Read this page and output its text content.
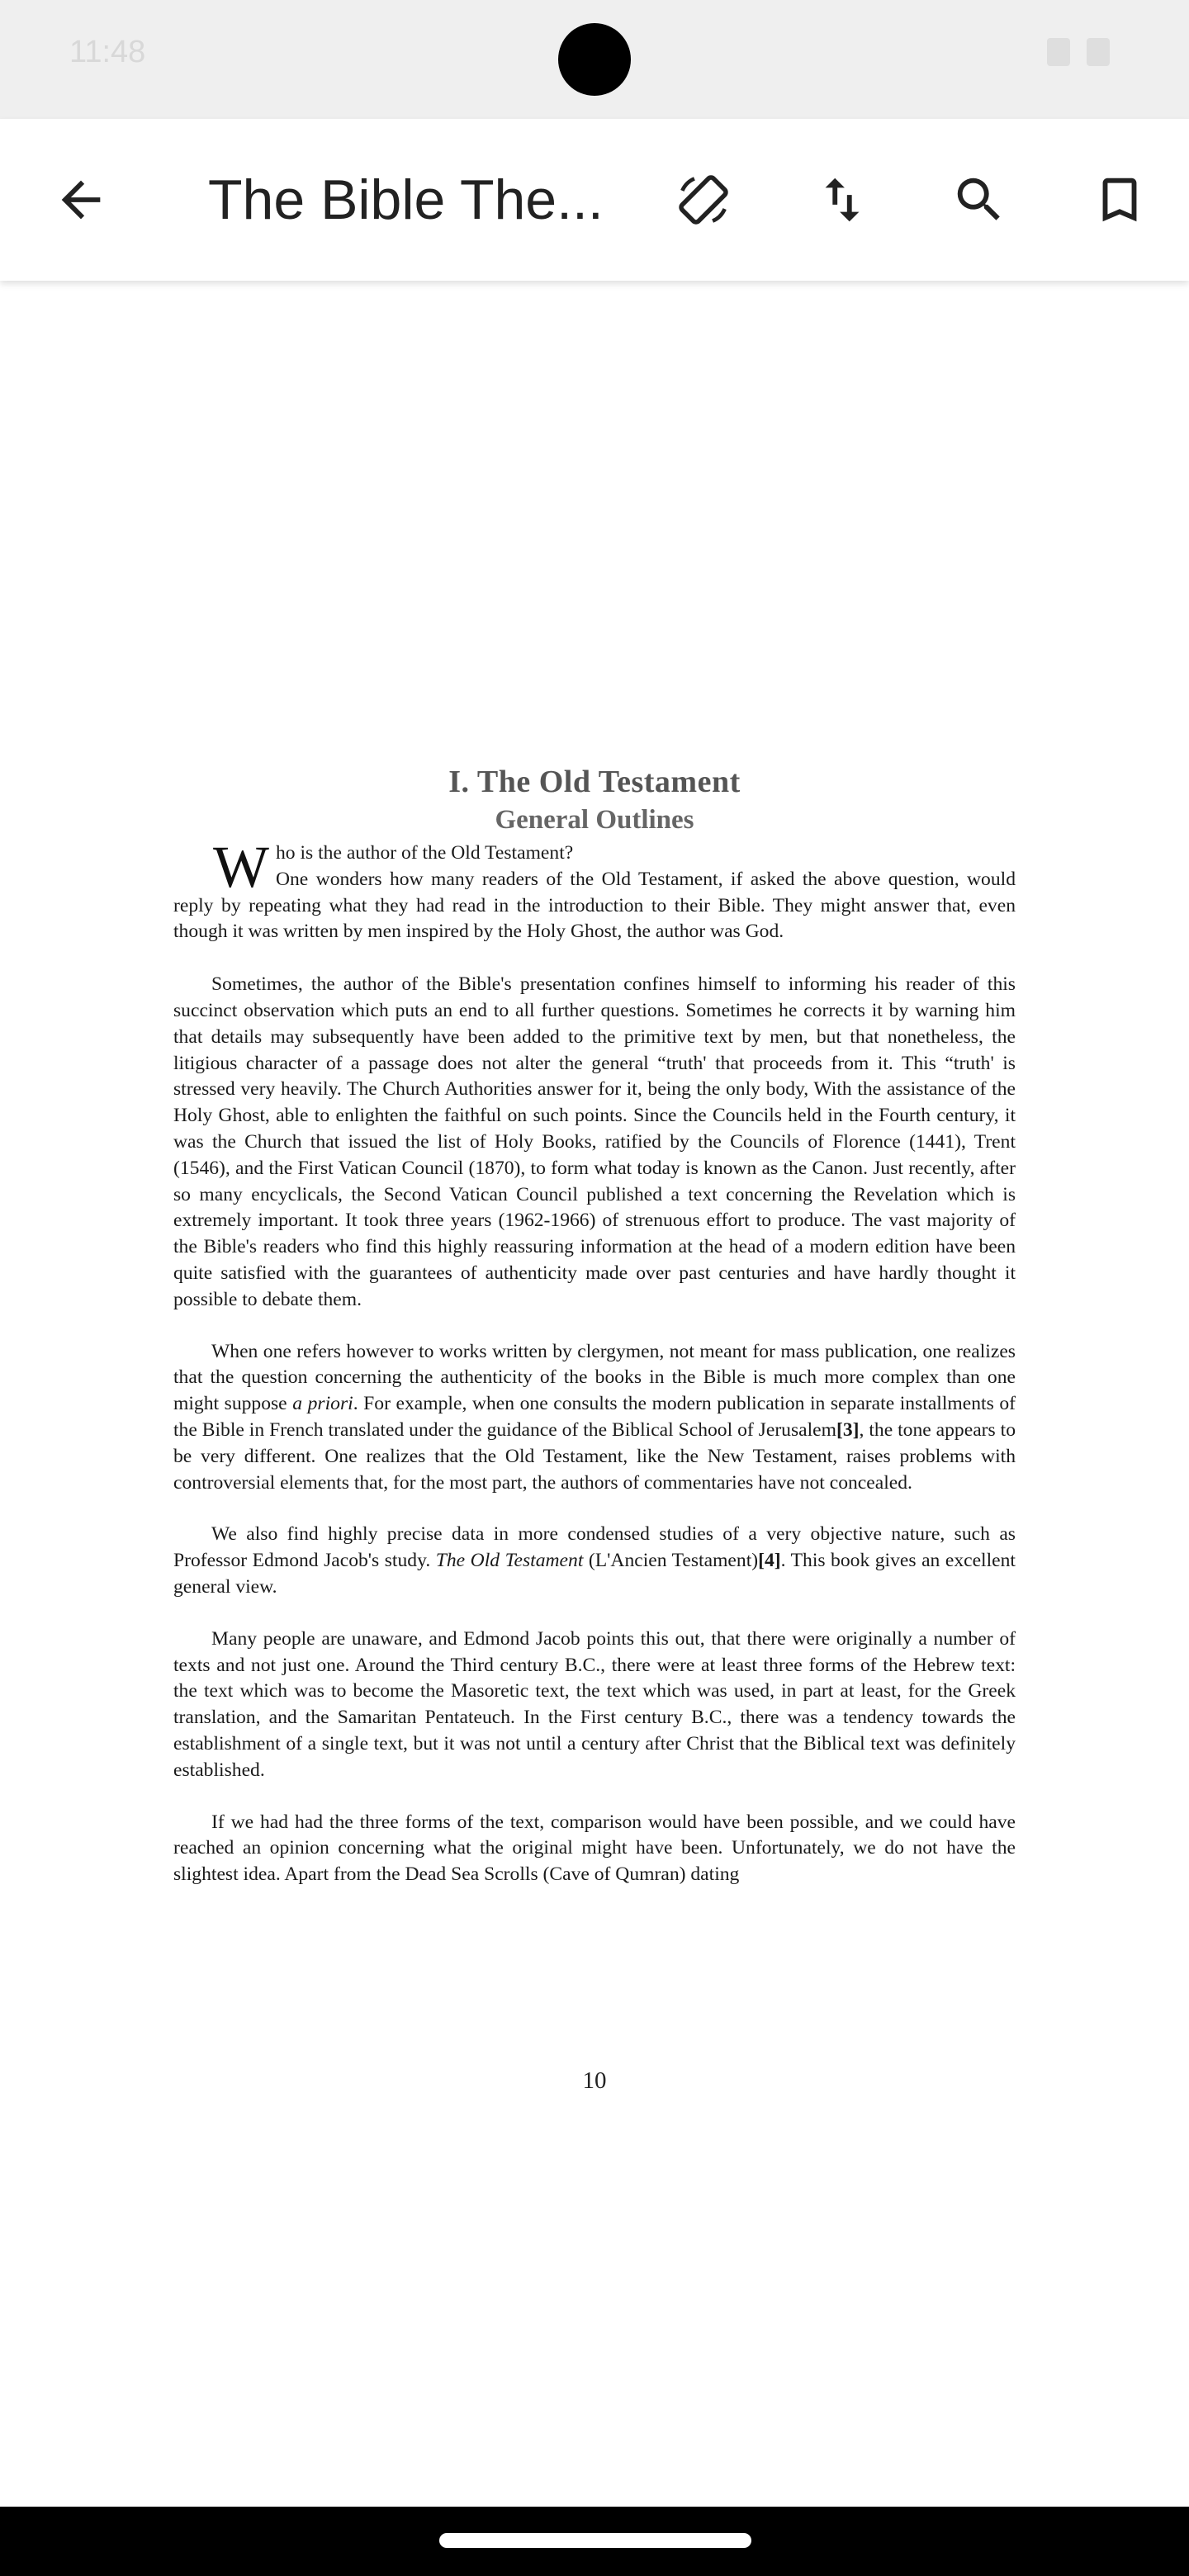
11:48
The Bible The...
I. The Old Testament
General Outlines
W ho is the author of the Old Testament?

One wonders how many readers of the Old Testament, if asked the above question, would reply by repeating what they had read in the introduction to their Bible. They might answer that, even though it was written by men inspired by the Holy Ghost, the author was God.

Sometimes, the author of the Bible's presentation confines himself to informing his reader of this succinct observation which puts an end to all further questions. Sometimes he corrects it by warning him that details may subsequently have been added to the primitive text by men, but that nonetheless, the litigious character of a passage does not alter the general “truth' that proceeds from it. This “truth' is stressed very heavily. The Church Authorities answer for it, being the only body, With the assistance of the Holy Ghost, able to enlighten the faithful on such points. Since the Councils held in the Fourth century, it was the Church that issued the list of Holy Books, ratified by the Councils of Florence (1441), Trent (1546), and the First Vatican Council (1870), to form what today is known as the Canon. Just recently, after so many encyclicals, the Second Vatican Council published a text concerning the Revelation which is extremely important. It took three years (1962-1966) of strenuous effort to produce. The vast majority of the Bible's readers who find this highly reassuring information at the head of a modern edition have been quite satisfied with the guarantees of authenticity made over past centuries and have hardly thought it possible to debate them.

When one refers however to works written by clergymen, not meant for mass publication, one realizes that the question concerning the authenticity of the books in the Bible is much more complex than one might suppose a priori. For example, when one consults the modern publication in separate installments of the Bible in French translated under the guidance of the Biblical School of Jerusalem[3], the tone appears to be very different. One realizes that the Old Testament, like the New Testament, raises problems with controversial elements that, for the most part, the authors of commentaries have not concealed.

We also find highly precise data in more condensed studies of a very objective nature, such as Professor Edmond Jacob's study. The Old Testament (L'Ancien Testament)[4]. This book gives an excellent general view.

Many people are unaware, and Edmond Jacob points this out, that there were originally a number of texts and not just one. Around the Third century B.C., there were at least three forms of the Hebrew text: the text which was to become the Masoretic text, the text which was used, in part at least, for the Greek translation, and the Samaritan Pentateuch. In the First century B.C., there was a tendency towards the establishment of a single text, but it was not until a century after Christ that the Biblical text was definitely established.

If we had had the three forms of the text, comparison would have been possible, and we could have reached an opinion concerning what the original might have been. Unfortunately, we do not have the slightest idea. Apart from the Dead Sea Scrolls (Cave of Qumran) dating

10
